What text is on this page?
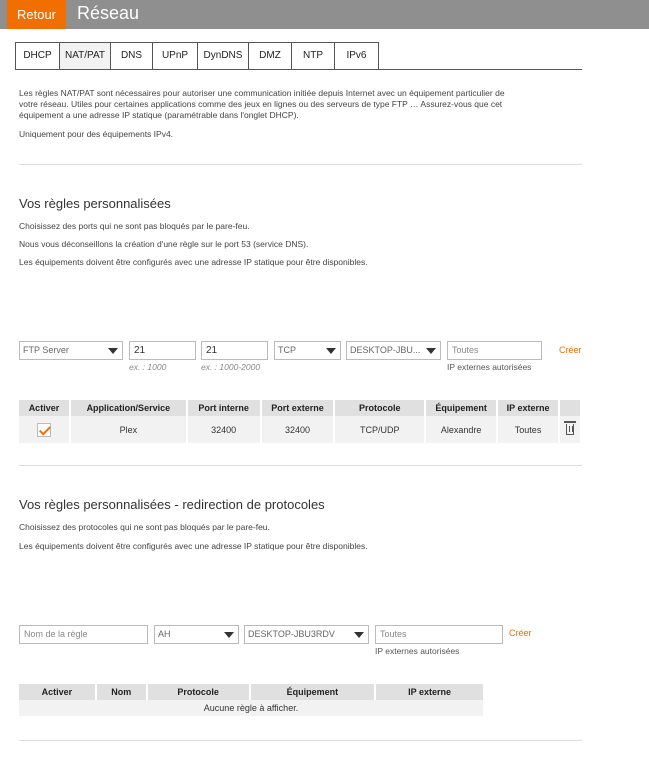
Retour	Réseau
DHCP	NAT/PAT	DNS	UPnP	DynDNS	DMZ	NTP	IPv6
Les règles NAT/PAT sont nécessaires pour autoriser une communication initiée depuis Internet avec un équipement particulier de
votre réseau. Utiles pour certaines applications comme des jeux en lignes ou des serveurs de type FTP … Assurez-vous que cet
équipement a une adresse IP statique (paramétrable dans l'onglet DHCP).
Uniquement pour des équipements IPv4.
Vos règles personnalisées
Choisissez des ports qui ne sont pas bloqués par le pare-feu.
Nous vous déconseillons la création d'une règle sur le port 53 (service DNS).
Les équipements doivent être configurés avec une adresse IP statique pour être disponibles.
FTP Server	21
ex. : 1000
21
ex. : 1000-2000
TCP	DESKTOP-JBU...	Toutes
IP externes autorisées
Créer
Activer	Application/Service	Port interne	Port externe	Protocole	Équipement	IP externe	
	Plex	32400	32400	TCP/UDP	Alexandre	Toutes	
Vos règles personnalisées - redirection de protocoles
Choisissez des protocoles qui ne sont pas bloqués par le pare-feu.
Les équipements doivent être configurés avec une adresse IP statique pour être disponibles.
Nom de la règle	AH	DESKTOP-JBU3RDV	Toutes
IP externes autorisées
Créer
Activer	Nom	Protocole	Équipement	IP externe
Aucune règle à afficher.
